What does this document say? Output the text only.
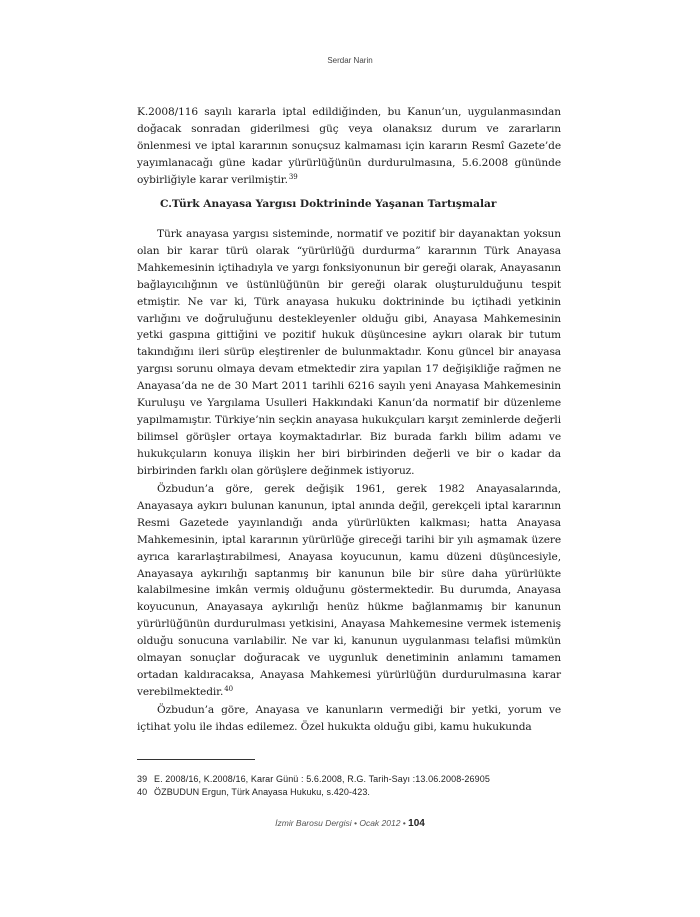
Serdar Narin

K.2008/116 sayılı kararla iptal edildiğinden, bu Kanun’un, uygulanmasından doğacak sonradan giderilmesi güç veya olanaksız durum ve zararların önlenmesi ve iptal kararının sonuçsuz kalmaması için kararın Resmî Gazete’de yayımlanacağı güne kadar yürürlüğünün durdurulmasına, 5.6.2008 gününde oybirliğiyle karar verilmiştir.$^{39}$

C.Türk Anayasa Yargısı Doktrininde Yaşanan Tartışmalar

Türk anayasa yargısı sisteminde, normatif ve pozitif bir dayanaktan yoksun olan bir karar türü olarak “yürürlüğü durdurma” kararının Türk Anayasa Mahkemesinin içtihadıyla ve yargı fonksiyonunun bir gereği olarak, Anayasanın bağlayıcılığının ve üstünlüğünün bir gereği olarak oluşturulduğunu tespit etmiştir. Ne var ki, Türk anayasa hukuku doktrininde bu içtihadi yetkinin varlığını ve doğruluğunu destekleyenler olduğu gibi, Anayasa Mahkemesinin yetki gaspına gittiğini ve pozitif hukuk düşüncesine aykırı olarak bir tutum takındığını ileri sürüp eleştirenler de bulunmaktadır. Konu güncel bir anayasa yargısı sorunu olmaya devam etmektedir zira yapılan 17 değişikliğe rağmen ne Anayasa’da ne de 30 Mart 2011 tarihli 6216 sayılı yeni Anayasa Mahkemesinin Kuruluşu ve Yargılama Usulleri Hakkındaki Kanun’da normatif bir düzenleme yapılmamıştır. Türkiye’nin seçkin anayasa hukukçuları karşıt zeminlerde değerli bilimsel görüşler ortaya koymaktadırlar. Biz burada farklı bilim adamı ve hukukçuların konuya ilişkin her biri birbirinden değerli ve bir o kadar da birbirinden farklı olan görüşlere değinmek istiyoruz.

Özbudun’a göre, gerek değişik 1961, gerek 1982 Anayasalarında, Anayasaya aykırı bulunan kanunun, iptal anında değil, gerekçeli iptal kararının Resmi Gazetede yayınlandığı anda yürürlükten kalkması; hatta Anayasa Mahkemesinin, iptal kararının yürürlüğe gireceği tarihi bir yılı aşmamak üzere ayrıca kararlaştırabilmesi, Anayasa koyucunun, kamu düzeni düşüncesiyle, Anayasaya aykırılığı saptanmış bir kanunun bile bir süre daha yürürlükte kalabilmesine imkân vermiş olduğunu göstermektedir. Bu durumda, Anayasa koyucunun, Anayasaya aykırılığı henüz hükme bağlanmamış bir kanunun yürürlüğünün durdurulması yetkisini, Anayasa Mahkemesine vermek istemeniş olduğu sonucuna varılabilir. Ne var ki, kanunun uygulanması telafisi mümkün olmayan sonuçlar doğuracak ve uygunluk denetiminin anlamını tamamen ortadan kaldıracaksa, Anayasa Mahkemesi yürürlüğün durdurulmasına karar verebilmektedir.$^{40}$

Özbudun’a göre, Anayasa ve kanunların vermediği bir yetki, yorum ve içtihat yolu ile ihdas edilemez. Özel hukukta olduğu gibi, kamu hukukunda

39 E. 2008/16, K.2008/16, Karar Günü : 5.6.2008, R.G. Tarih-Sayı :13.06.2008-26905
40 ÖZBUDUN Ergun, Türk Anayasa Hukuku, s.420-423.
İzmir Barosu Dergisi • Ocak 2012 • 104
